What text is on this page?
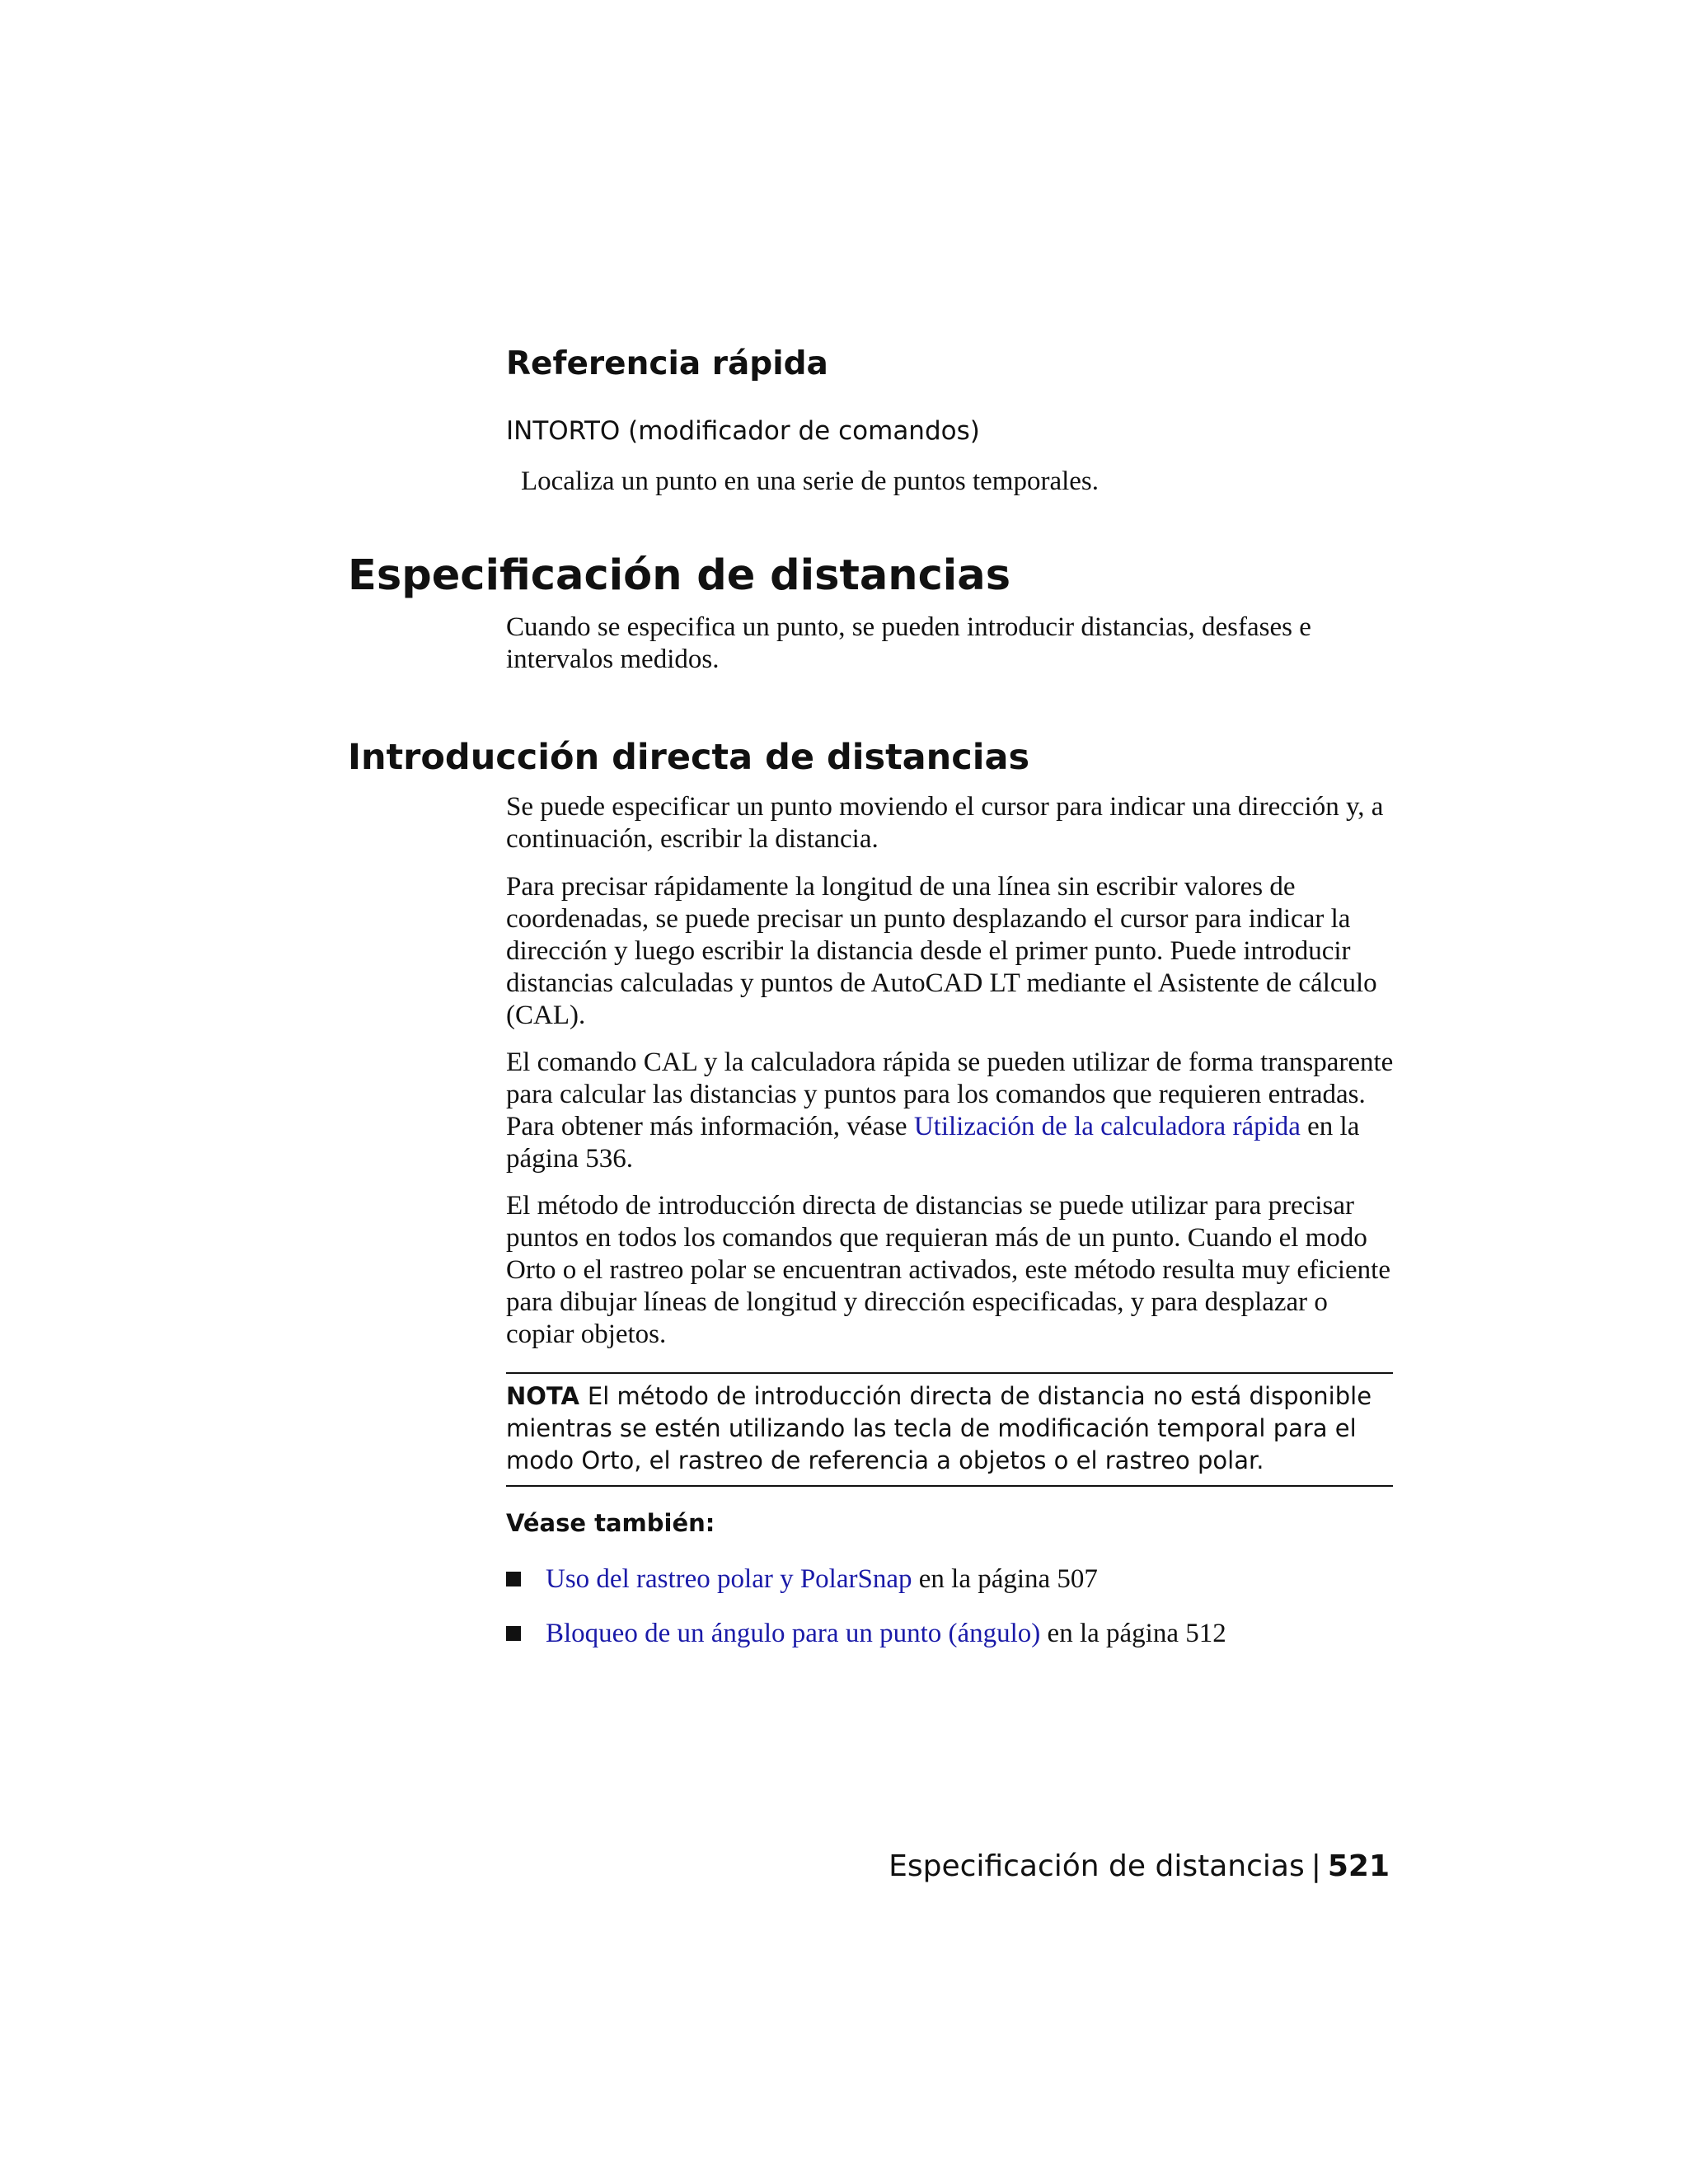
Referencia rápida

INTORTO (modificador de comandos)

Localiza un punto en una serie de puntos temporales.

Especificación de distancias

Cuando se especifica un punto, se pueden introducir distancias, desfases e intervalos medidos.

Introducción directa de distancias

Se puede especificar un punto moviendo el cursor para indicar una dirección y, a continuación, escribir la distancia.

Para precisar rápidamente la longitud de una línea sin escribir valores de coordenadas, se puede precisar un punto desplazando el cursor para indicar la dirección y luego escribir la distancia desde el primer punto. Puede introducir distancias calculadas y puntos de AutoCAD LT mediante el Asistente de cálculo (CAL).

El comando CAL y la calculadora rápida se pueden utilizar de forma transparente para calcular las distancias y puntos para los comandos que requieren entradas. Para obtener más información, véase Utilización de la calculadora rápida en la página 536.

El método de introducción directa de distancias se puede utilizar para precisar puntos en todos los comandos que requieran más de un punto. Cuando el modo Orto o el rastreo polar se encuentran activados, este método resulta muy eficiente para dibujar líneas de longitud y dirección especificadas, y para desplazar o copiar objetos.

NOTA El método de introducción directa de distancia no está disponible mientras se estén utilizando las tecla de modificación temporal para el modo Orto, el rastreo de referencia a objetos o el rastreo polar.

Véase también:

Uso del rastreo polar y PolarSnap en la página 507
Bloqueo de un ángulo para un punto (ángulo) en la página 512
Especificación de distancias | 521
